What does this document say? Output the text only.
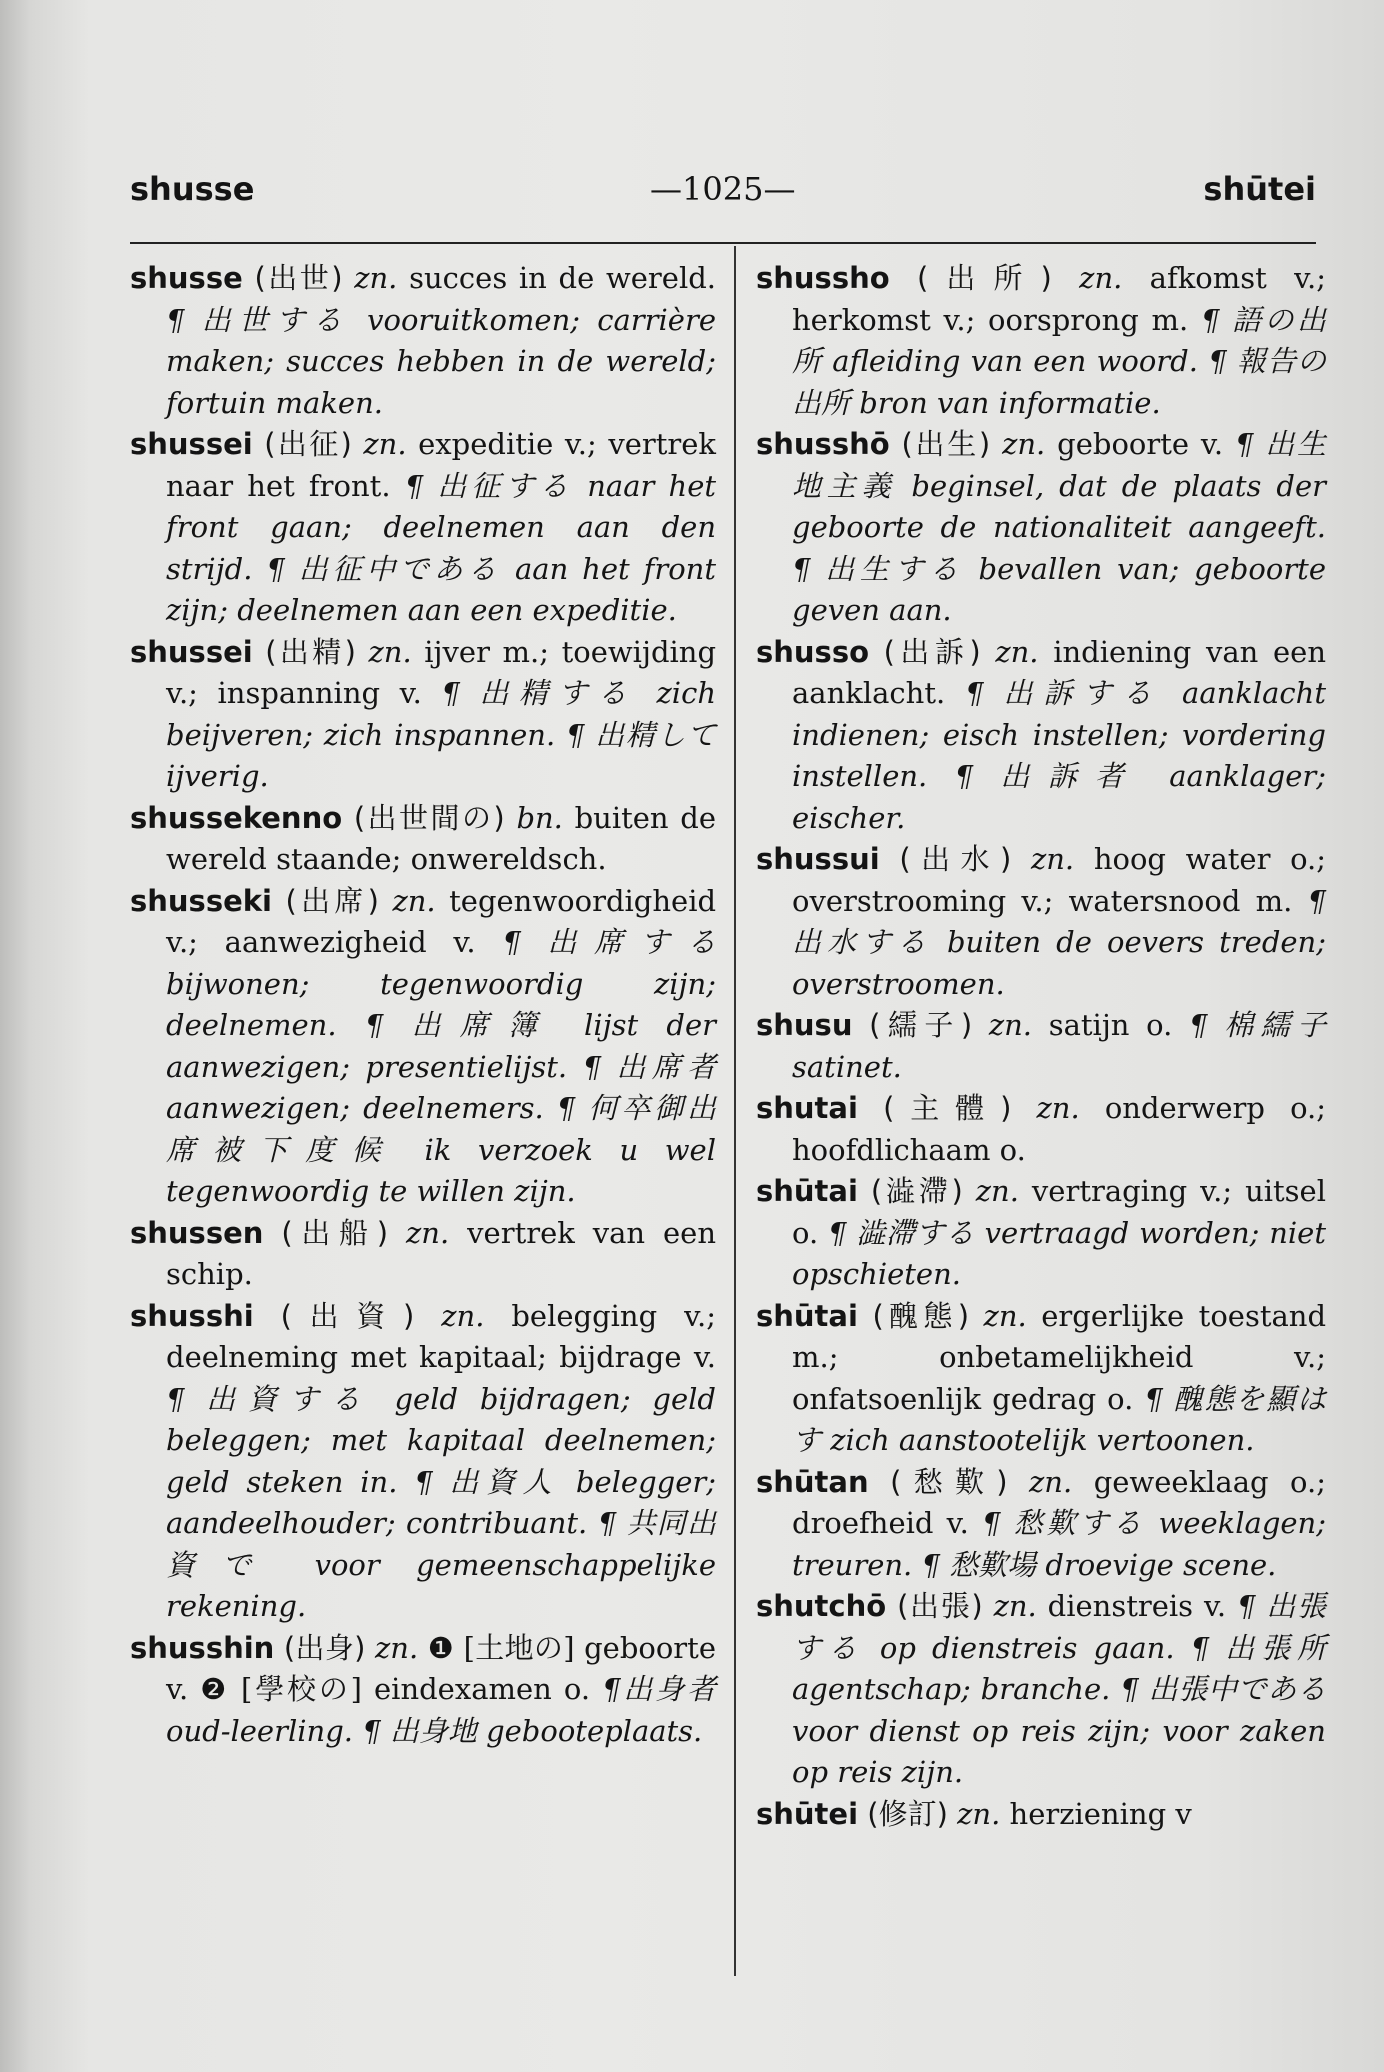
shusse	—1025—	shūtei
shusse (出世) zn. succes in de wereld. ¶ 出世する vooruitkomen; carrière maken; succes hebben in de wereld; fortuin maken.
shussei (出征) zn. expeditie v.; vertrek naar het front. ¶ 出征する naar het front gaan; deelnemen aan den strijd. ¶ 出征中である aan het front zijn; deelnemen aan een expeditie.
shussei (出精) zn. ijver m.; toewijding v.; inspanning v. ¶ 出精する zich beijveren; zich inspannen. ¶ 出精して ijverig.
shussekenno (出世間の) bn. buiten de wereld staande; onwereldsch.
shusseki (出席) zn. tegenwoordigheid v.; aanwezigheid v. ¶ 出席する bijwonen; tegenwoordig zijn; deelnemen. ¶ 出席簿 lijst der aanwezigen; presentielijst. ¶ 出席者 aanwezigen; deelnemers. ¶ 何卒御出席被下度候 ik verzoek u wel tegenwoordig te willen zijn.
shussen (出船) zn. vertrek van een schip.
shusshi (出資) zn. belegging v.; deelneming met kapitaal; bijdrage v. ¶ 出資する geld bijdragen; geld beleggen; met kapitaal deelnemen; geld steken in. ¶ 出資人 belegger; aandeelhouder; contribuant. ¶ 共同出資で voor gemeenschappelijke rekening.
shusshin (出身) zn. ❶ [土地の] geboorte v. ❷ [學校の] eindexamen o. ¶出身者 oud-leerling. ¶ 出身地 gebooteplaats.
shussho (出所) zn. afkomst v.; herkomst v.; oorsprong m. ¶ 語の出所 afleiding van een woord. ¶ 報告の出所 bron van informatie.
shusshō (出生) zn. geboorte v. ¶ 出生地主義 beginsel, dat de plaats der geboorte de nationaliteit aangeeft. ¶ 出生する bevallen van; geboorte geven aan.
shusso (出訴) zn. indiening van een aanklacht. ¶ 出訴する aanklacht indienen; eisch instellen; vordering instellen. ¶ 出訴者 aanklager; eischer.
shussui (出水) zn. hoog water o.; overstrooming v.; watersnood m. ¶ 出水する buiten de oevers treden; overstroomen.
shusu (繻子) zn. satijn o. ¶ 棉繻子 satinet.
shutai (主體) zn. onderwerp o.; hoofdlichaam o.
shūtai (澁滯) zn. vertraging v.; uitsel o. ¶ 澁滯する vertraagd worden; niet opschieten.
shūtai (醜態) zn. ergerlijke toestand m.; onbetamelijkheid v.; onfatsoenlijk gedrag o. ¶ 醜態を顯はす zich aanstootelijk vertoonen.
shūtan (愁歎) zn. geweeklaag o.; droefheid v. ¶ 愁歎する weeklagen; treuren. ¶ 愁歎場 droevige scene.
shutchō (出張) zn. dienstreis v. ¶ 出張する op dienstreis gaan. ¶ 出張所 agentschap; branche. ¶ 出張中である voor dienst op reis zijn; voor zaken op reis zijn.
shūtei (修訂) zn. herziening v
